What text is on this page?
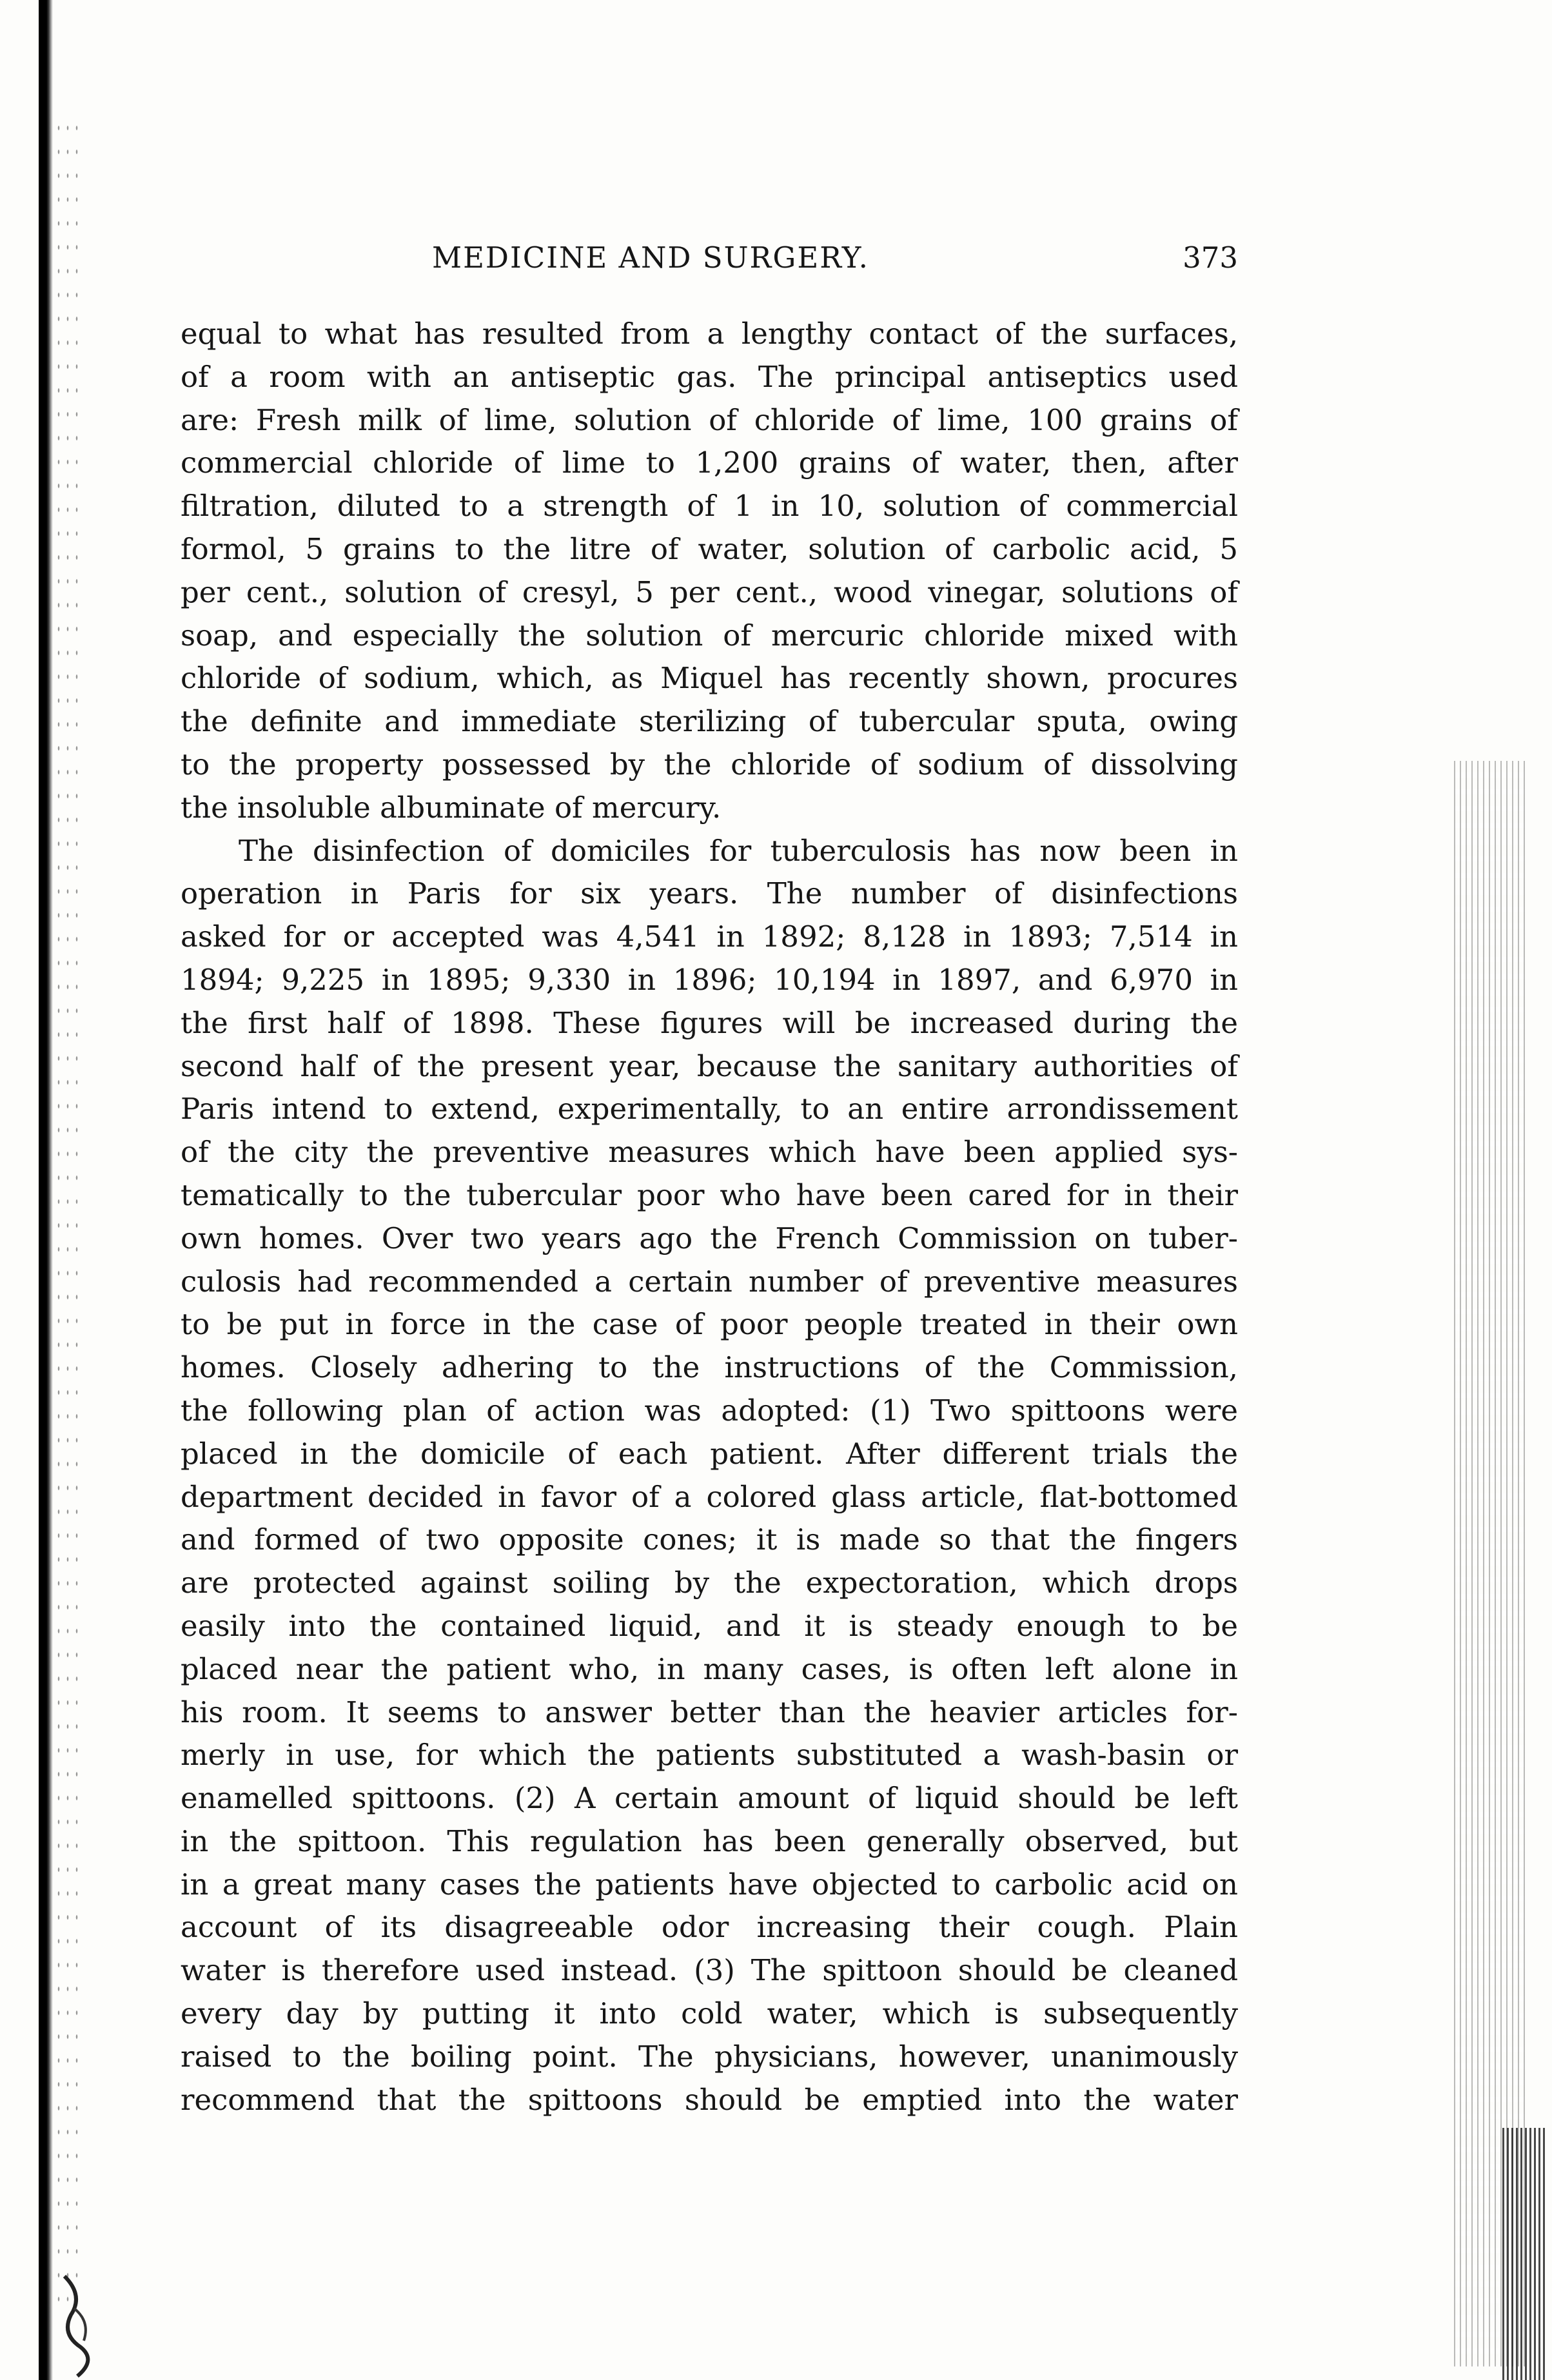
MEDICINE AND SURGERY.	373
equal to what has resulted from a lengthy contact of the surfaces,
of a room with an antiseptic gas. The principal antiseptics used
are: Fresh milk of lime, solution of chloride of lime, 100 grains of
commercial chloride of lime to 1,200 grains of water, then, after
filtration, diluted to a strength of 1 in 10, solution of commercial
formol, 5 grains to the litre of water, solution of carbolic acid, 5
per cent., solution of cresyl, 5 per cent., wood vinegar, solutions of
soap, and especially the solution of mercuric chloride mixed with
chloride of sodium, which, as Miquel has recently shown, procures
the definite and immediate sterilizing of tubercular sputa, owing
to the property possessed by the chloride of sodium of dissolving
the insoluble albuminate of mercury.
The disinfection of domiciles for tuberculosis has now been in
operation in Paris for six years. The number of disinfections
asked for or accepted was 4,541 in 1892; 8,128 in 1893; 7,514 in
1894; 9,225 in 1895; 9,330 in 1896; 10,194 in 1897, and 6,970 in
the first half of 1898. These figures will be increased during the
second half of the present year, because the sanitary authorities of
Paris intend to extend, experimentally, to an entire arrondissement
of the city the preventive measures which have been applied sys-
tematically to the tubercular poor who have been cared for in their
own homes. Over two years ago the French Commission on tuber-
culosis had recommended a certain number of preventive measures
to be put in force in the case of poor people treated in their own
homes. Closely adhering to the instructions of the Commission,
the following plan of action was adopted: (1) Two spittoons were
placed in the domicile of each patient. After different trials the
department decided in favor of a colored glass article, flat-bottomed
and formed of two opposite cones; it is made so that the fingers
are protected against soiling by the expectoration, which drops
easily into the contained liquid, and it is steady enough to be
placed near the patient who, in many cases, is often left alone in
his room. It seems to answer better than the heavier articles for-
merly in use, for which the patients substituted a wash-basin or
enamelled spittoons. (2) A certain amount of liquid should be left
in the spittoon. This regulation has been generally observed, but
in a great many cases the patients have objected to carbolic acid on
account of its disagreeable odor increasing their cough. Plain
water is therefore used instead. (3) The spittoon should be cleaned
every day by putting it into cold water, which is subsequently
raised to the boiling point. The physicians, however, unanimously
recommend that the spittoons should be emptied into the water
